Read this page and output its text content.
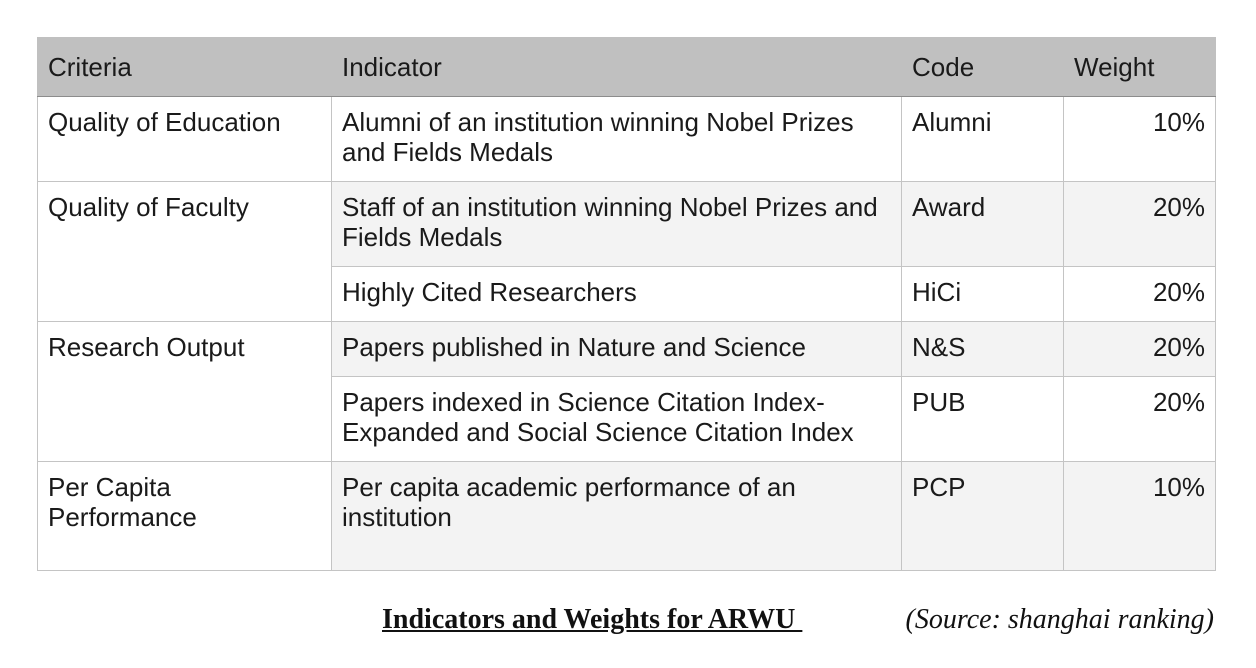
Criteria	Indicator	Code	Weight
Quality of Education	Alumni of an institution winning Nobel Prizes and Fields Medals	Alumni	10%
Quality of Faculty	Staff of an institution winning Nobel Prizes and Fields Medals	Award	20%
	Highly Cited Researchers	HiCi	20%
Research Output	Papers published in Nature and Science	N&S	20%
	Papers indexed in Science Citation Index-Expanded and Social Science Citation Index	PUB	20%
Per Capita Performance	Per capita academic performance of an institution	PCP	10%
Indicators and Weights for ARWU	(Source: shanghai ranking)
